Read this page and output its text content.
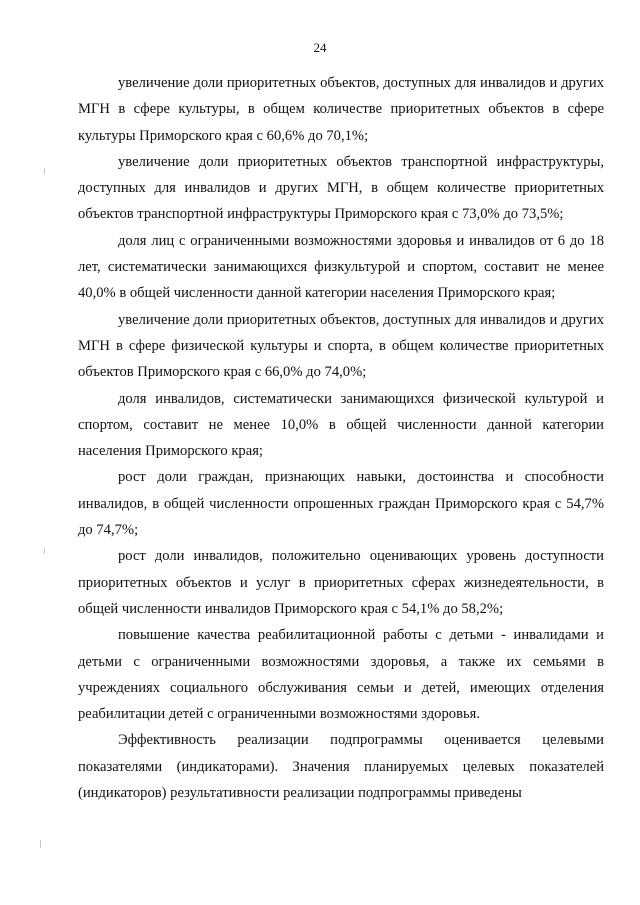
24

увеличение доли приоритетных объектов, доступных для инвалидов и других МГН в сфере культуры, в общем количестве приоритетных объектов в сфере культуры Приморского края с 60,6% до 70,1%;

увеличение доли приоритетных объектов транспортной инфраструктуры, доступных для инвалидов и других МГН, в общем количестве приоритетных объектов транспортной инфраструктуры Приморского края с 73,0% до 73,5%;

доля лиц с ограниченными возможностями здоровья и инвалидов от 6 до 18 лет, систематически занимающихся физкультурой и спортом, составит не менее 40,0% в общей численности данной категории населения Приморского края;

увеличение доли приоритетных объектов, доступных для инвалидов и других МГН в сфере физической культуры и спорта, в общем количестве приоритетных объектов Приморского края с 66,0% до 74,0%;

доля инвалидов, систематически занимающихся физической культурой и спортом, составит не менее 10,0% в общей численности данной категории населения Приморского края;

рост доли граждан, признающих навыки, достоинства и способности инвалидов, в общей численности опрошенных граждан Приморского края с 54,7% до 74,7%;

рост доли инвалидов, положительно оценивающих уровень доступности приоритетных объектов и услуг в приоритетных сферах жизнедеятельности, в общей численности инвалидов Приморского края с 54,1% до 58,2%;

повышение качества реабилитационной работы с детьми - инвалидами и детьми с ограниченными возможностями здоровья, а также их семьями в учреждениях социального обслуживания семьи и детей, имеющих отделения реабилитации детей с ограниченными возможностями здоровья.

Эффективность реализации подпрограммы оценивается целевыми показателями (индикаторами). Значения планируемых целевых показателей (индикаторов) результативности реализации подпрограммы приведены
